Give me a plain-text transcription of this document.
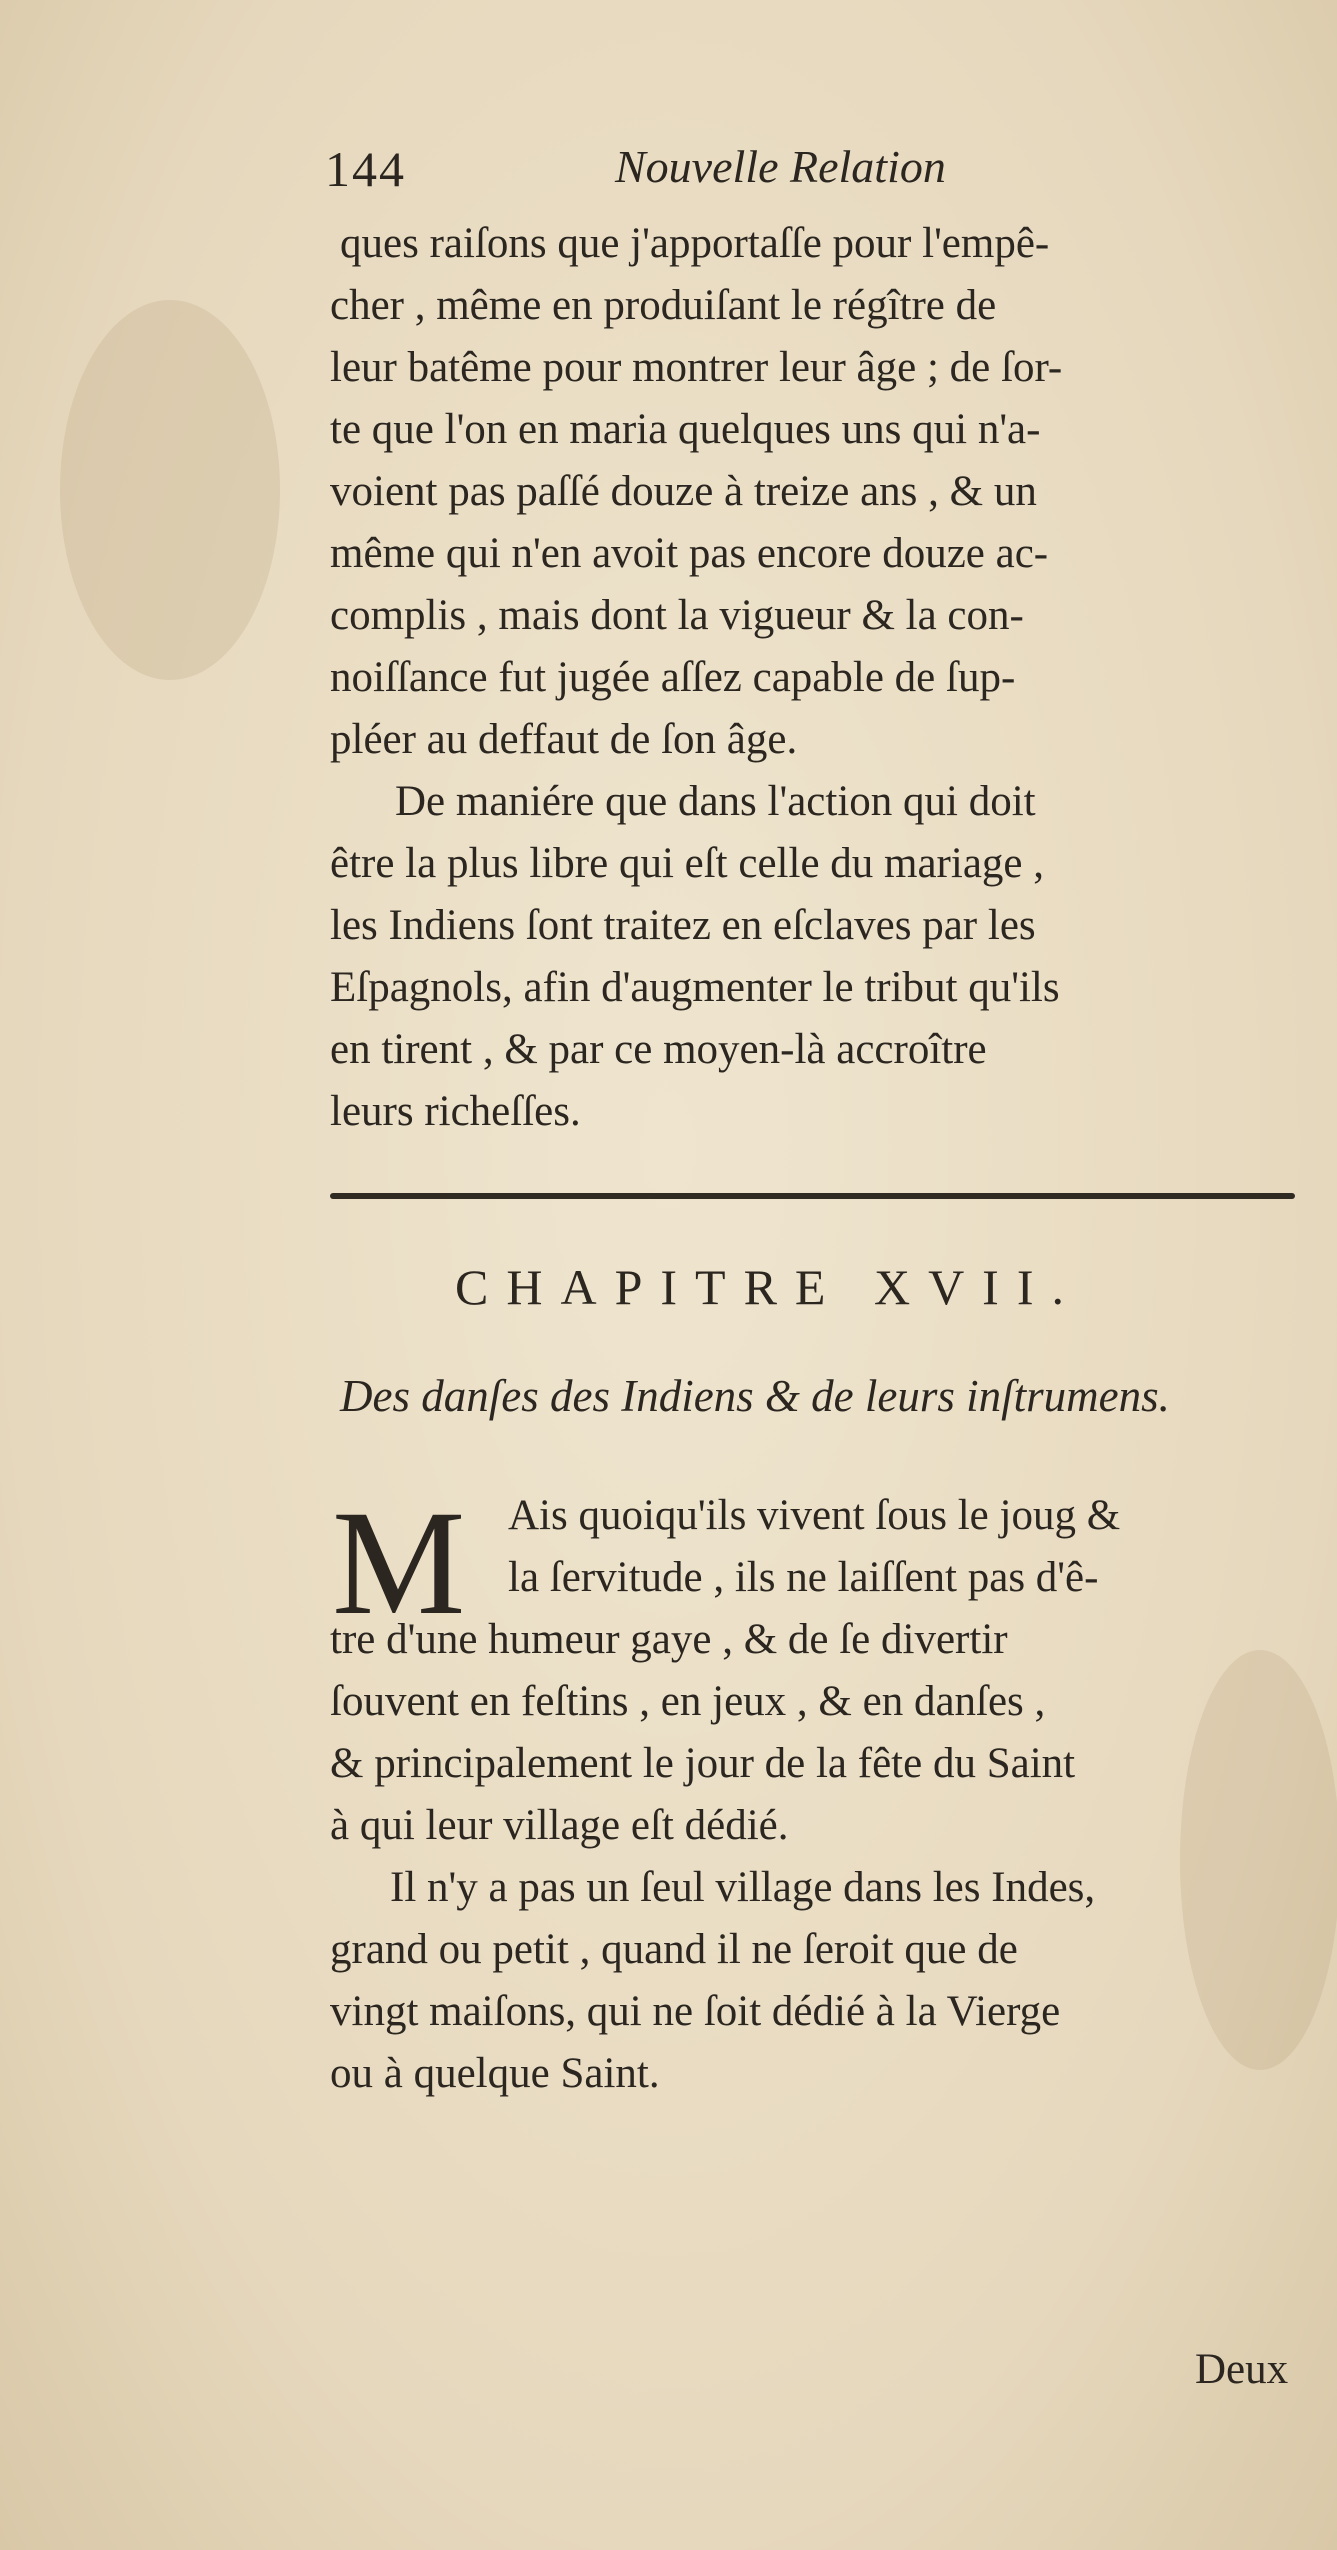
144	Nouvelle Relation
ques raiſons que j'apportaſſe pour l'empê-
cher , même en produiſant le régître de
leur batême pour montrer leur âge ; de ſor-
te que l'on en maria quelques uns qui n'a-
voient pas paſſé douze à treize ans , & un
même qui n'en avoit pas encore douze ac-
complis , mais dont la vigueur & la con-
noiſſance fut jugée aſſez capable de ſup-
pléer au deffaut de ſon âge.
De maniére que dans l'action qui doit
être la plus libre qui eſt celle du mariage ,
les Indiens ſont traitez en eſclaves par les
Eſpagnols, afin d'augmenter le tribut qu'ils
en tirent , & par ce moyen-là accroître
leurs richeſſes.
CHAPITRE XVII.
Des danſes des Indiens & de leurs inſtrumens.
M Ais quoiqu'ils vivent ſous le joug &
la ſervitude , ils ne laiſſent pas d'ê-
tre d'une humeur gaye , & de ſe divertir
ſouvent en feſtins , en jeux , & en danſes ,
& principalement le jour de la fête du Saint
à qui leur village eſt dédié.
Il n'y a pas un ſeul village dans les Indes,
grand ou petit , quand il ne ſeroit que de
vingt maiſons, qui ne ſoit dédié à la Vierge
ou à quelque Saint.
Deux
